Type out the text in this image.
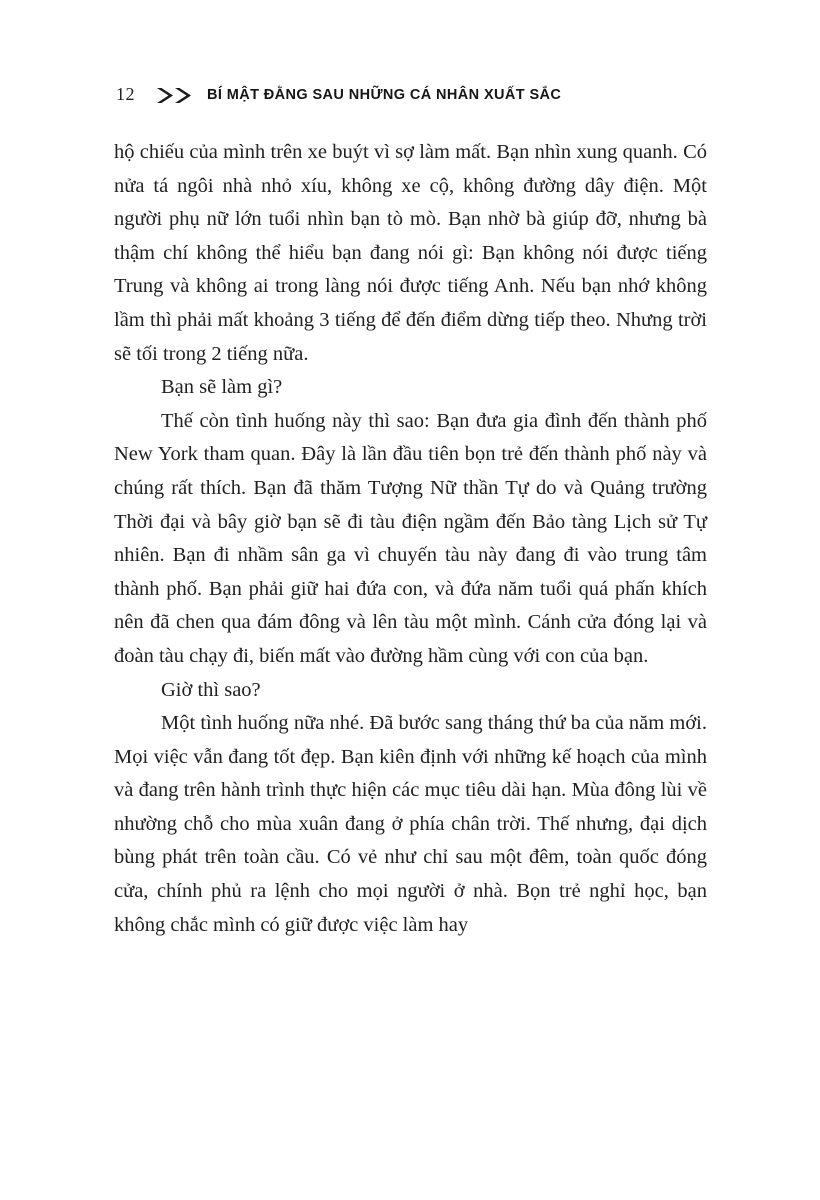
12	BÍ MẬT ĐẰNG SAU NHỮNG CÁ NHÂN XUẤT SẮC

hộ chiếu của mình trên xe buýt vì sợ làm mất. Bạn nhìn xung quanh. Có nửa tá ngôi nhà nhỏ xíu, không xe cộ, không đường dây điện. Một người phụ nữ lớn tuổi nhìn bạn tò mò. Bạn nhờ bà giúp đỡ, nhưng bà thậm chí không thể hiểu bạn đang nói gì: Bạn không nói được tiếng Trung và không ai trong làng nói được tiếng Anh. Nếu bạn nhớ không lầm thì phải mất khoảng 3 tiếng để đến điểm dừng tiếp theo. Nhưng trời sẽ tối trong 2 tiếng nữa.

Bạn sẽ làm gì?

Thế còn tình huống này thì sao: Bạn đưa gia đình đến thành phố New York tham quan. Đây là lần đầu tiên bọn trẻ đến thành phố này và chúng rất thích. Bạn đã thăm Tượng Nữ thần Tự do và Quảng trường Thời đại và bây giờ bạn sẽ đi tàu điện ngầm đến Bảo tàng Lịch sử Tự nhiên. Bạn đi nhầm sân ga vì chuyến tàu này đang đi vào trung tâm thành phố. Bạn phải giữ hai đứa con, và đứa năm tuổi quá phấn khích nên đã chen qua đám đông và lên tàu một mình. Cánh cửa đóng lại và đoàn tàu chạy đi, biến mất vào đường hầm cùng với con của bạn.

Giờ thì sao?

Một tình huống nữa nhé. Đã bước sang tháng thứ ba của năm mới. Mọi việc vẫn đang tốt đẹp. Bạn kiên định với những kế hoạch của mình và đang trên hành trình thực hiện các mục tiêu dài hạn. Mùa đông lùi về nhường chỗ cho mùa xuân đang ở phía chân trời. Thế nhưng, đại dịch bùng phát trên toàn cầu. Có vẻ như chỉ sau một đêm, toàn quốc đóng cửa, chính phủ ra lệnh cho mọi người ở nhà. Bọn trẻ nghỉ học, bạn không chắc mình có giữ được việc làm hay
